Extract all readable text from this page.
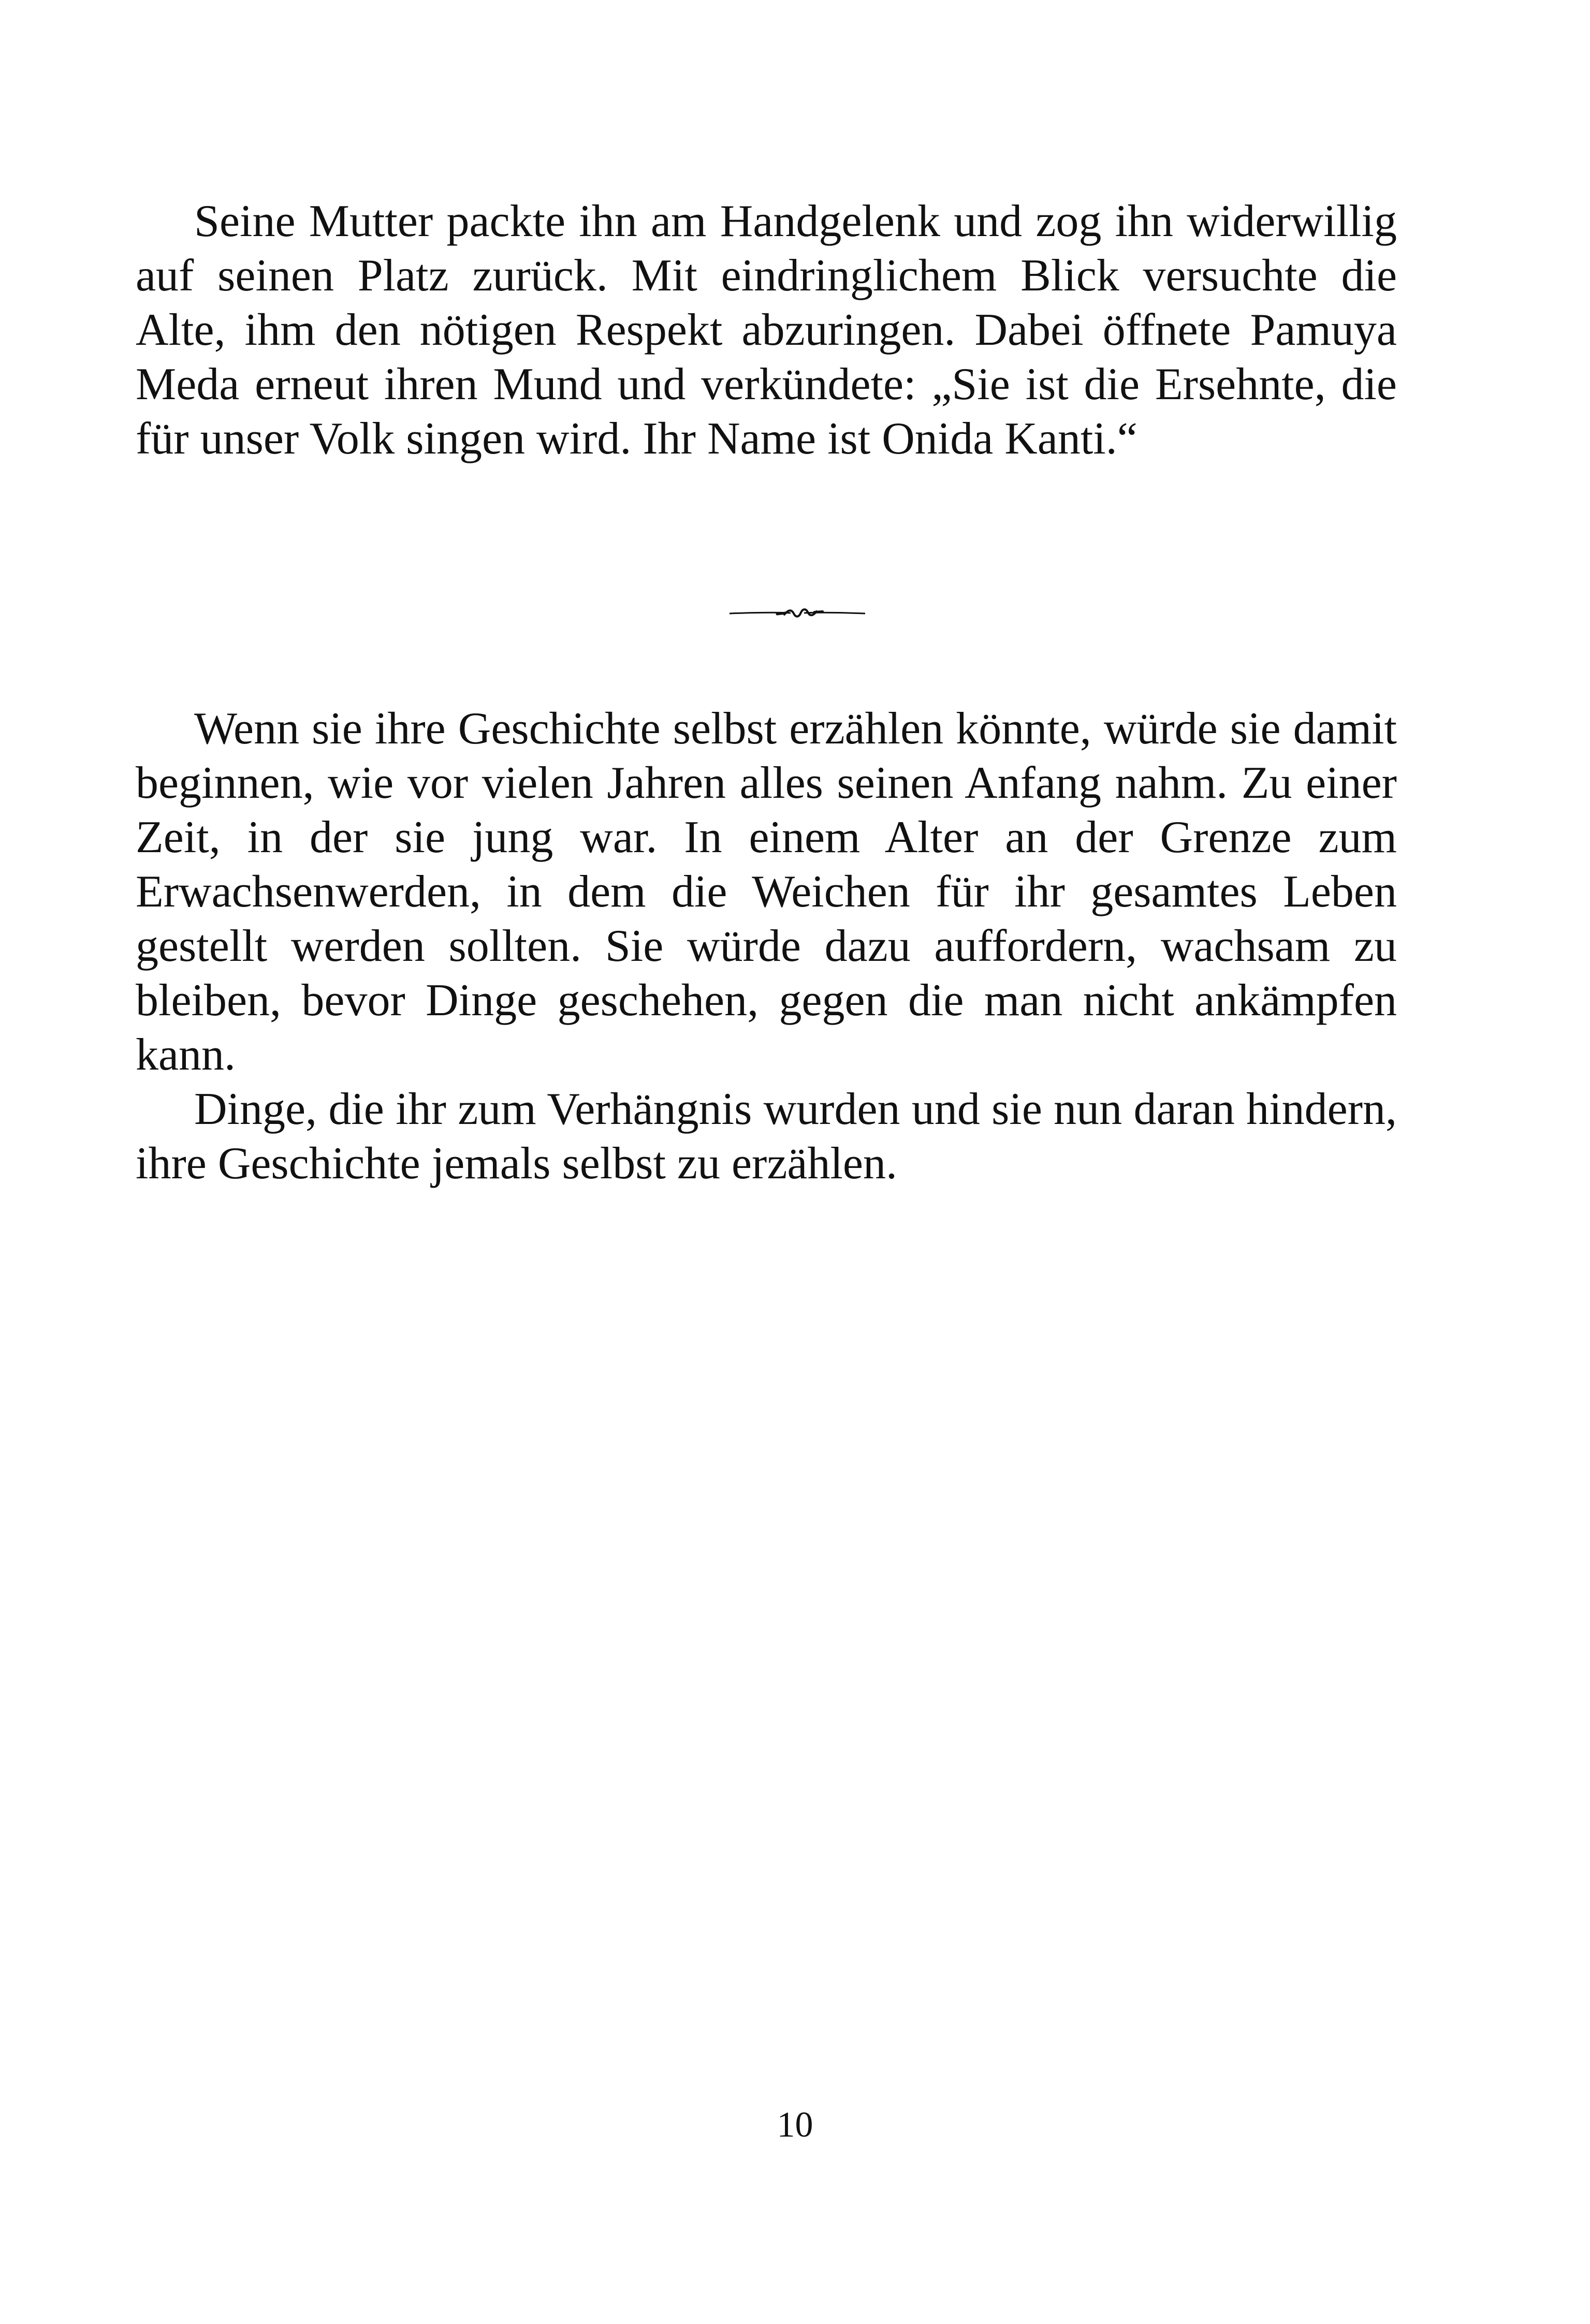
Seine Mutter packte ihn am Handgelenk und zog ihn widerwillig auf seinen Platz zurück. Mit eindringlichem Blick versuchte die Alte, ihm den nötigen Respekt abzuringen. Dabei öffnete Pamuya Meda erneut ihren Mund und verkündete: „Sie ist die Ersehnte, die für unser Volk singen wird. Ihr Name ist Onida Kanti.“

Wenn sie ihre Geschichte selbst erzählen könnte, würde sie damit beginnen, wie vor vielen Jahren alles seinen Anfang nahm. Zu einer Zeit, in der sie jung war. In einem Alter an der Grenze zum Erwachsenwerden, in dem die Weichen für ihr gesamtes Leben gestellt werden sollten. Sie würde dazu auffordern, wachsam zu bleiben, bevor Dinge geschehen, gegen die man nicht ankämpfen kann.

Dinge, die ihr zum Verhängnis wurden und sie nun daran hindern, ihre Geschichte jemals selbst zu erzählen.

10
